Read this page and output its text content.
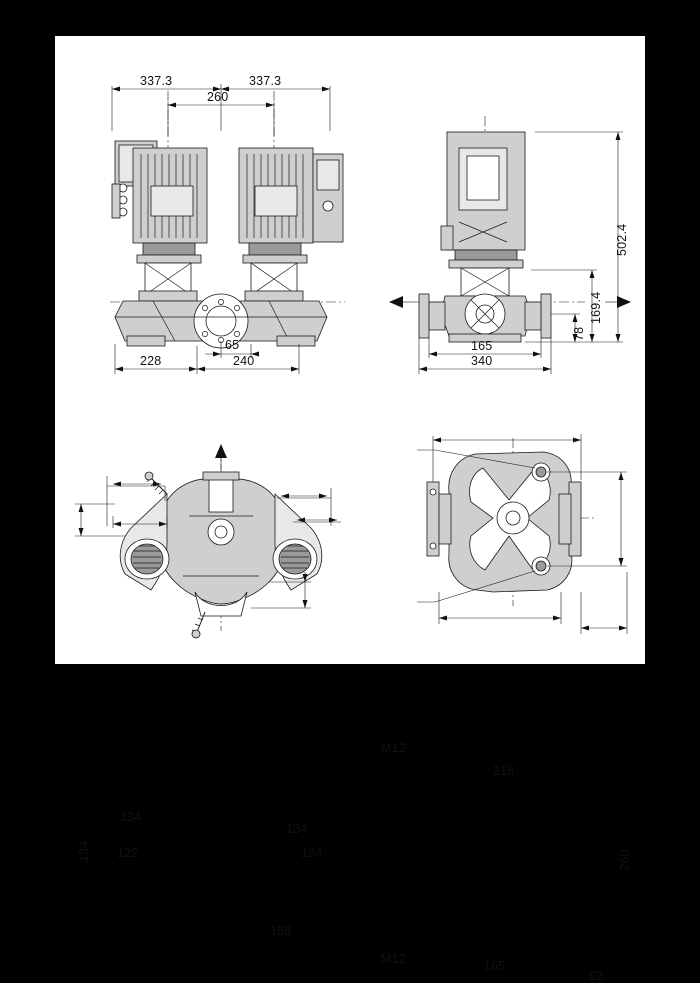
337.3	337.3
260
65
228	240
502.4
169.4
78
165
340
134
134
134
134
122
158
218
260
165
92
M12
M12
